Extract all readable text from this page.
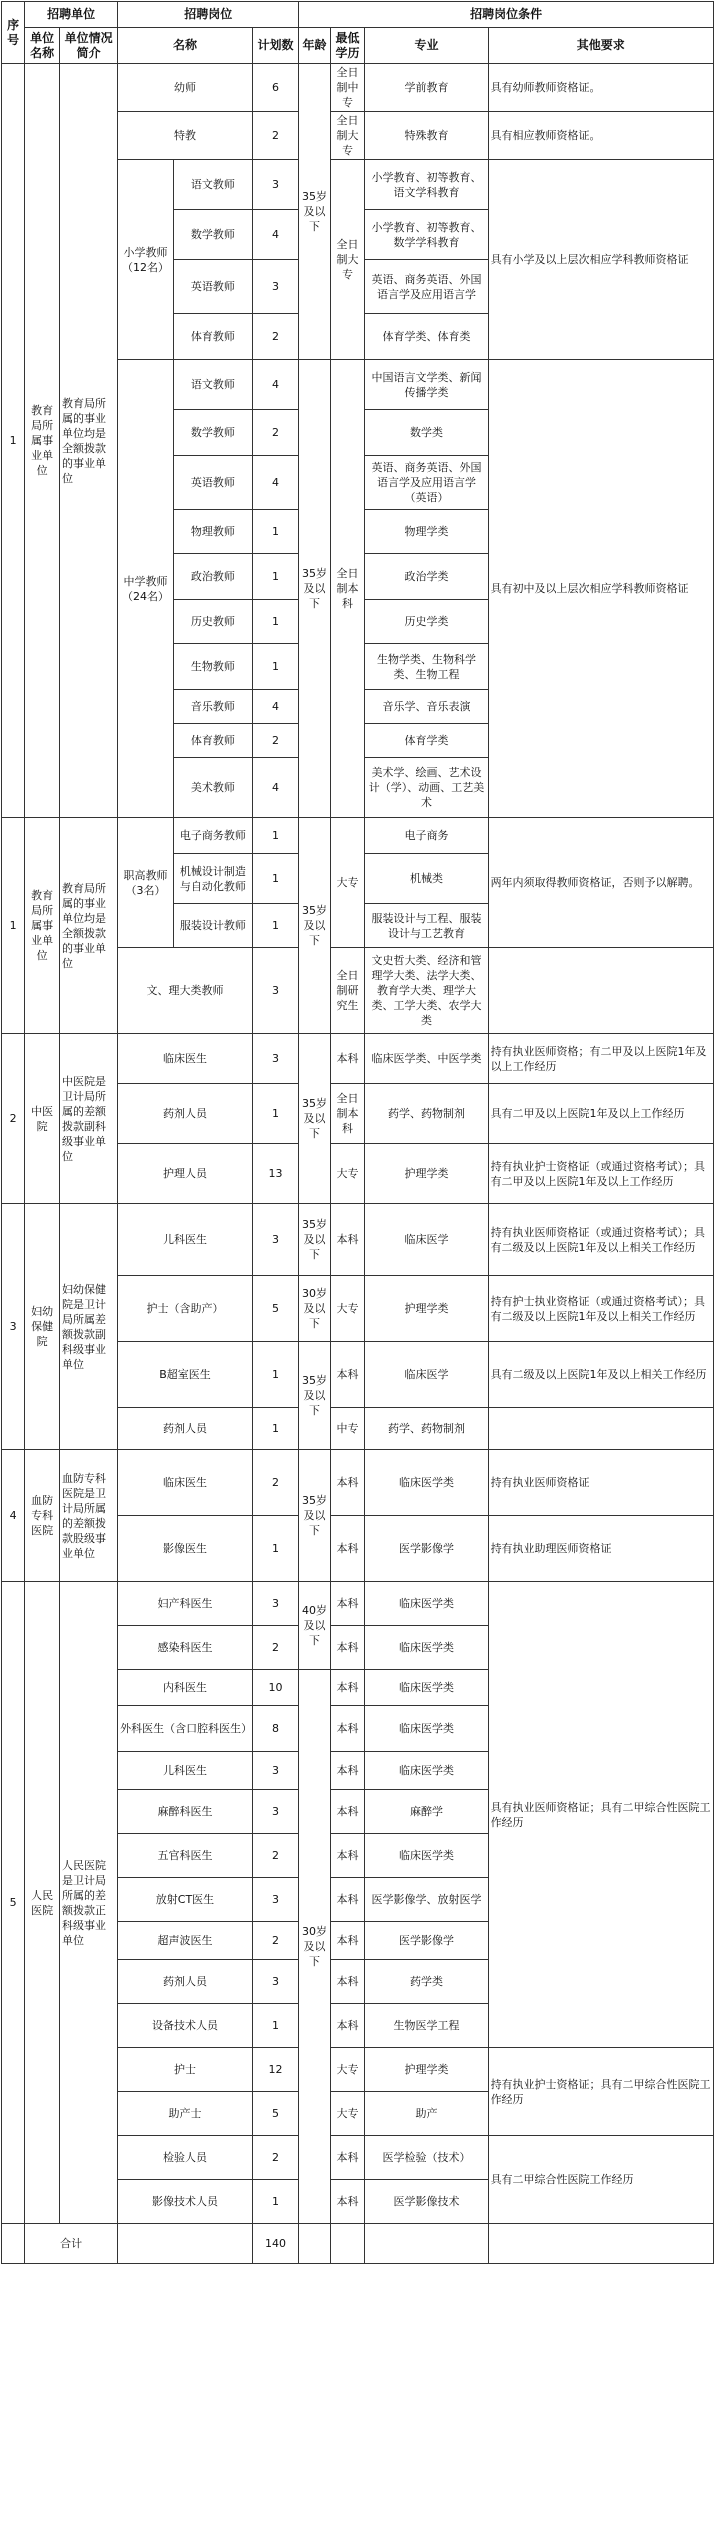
序号	招聘单位		招聘岗位			招聘岗位条件			
	单位名称	单位情况简介	名称		计划数	年龄	最低学历	专业	其他要求
1	教育局所属事业单位	教育局所属的事业单位均是全额拨款的事业单位	幼师		6	35岁及以下	全日制中专	学前教育	具有幼师教师资格证。
			特教		2		全日制大专	特殊教育	具有相应教师资格证。
			小学教师（12名）	语文教师	3		全日制大专	小学教育、初等教育、语文学科教育	具有小学及以上层次相应学科教师资格证
				数学教师	4			小学教育、初等教育、数学学科教育	
				英语教师	3			英语、商务英语、外国语言学及应用语言学	
				体育教师	2			体育学类、体育类	
			中学教师（24名）	语文教师	4	35岁及以下	全日制本科	中国语言文学类、新闻传播学类	具有初中及以上层次相应学科教师资格证
				数学教师	2			数学类	
				英语教师	4			英语、商务英语、外国语言学及应用语言学（英语）	
				物理教师	1			物理学类	
				政治教师	1			政治学类	
				历史教师	1			历史学类	
				生物教师	1			生物学类、生物科学类、生物工程	
				音乐教师	4			音乐学、音乐表演	
				体育教师	2			体育学类	
				美术教师	4			美术学、绘画、艺术设计（学）、动画、工艺美术	
1	教育局所属事业单位	教育局所属的事业单位均是全额拨款的事业单位	职高教师（3名）	电子商务教师	1	35岁及以下	大专	电子商务	两年内须取得教师资格证，否则予以解聘。
				机械设计制造与自动化教师	1			机械类	
				服装设计教师	1			服装设计与工程、服装设计与工艺教育	
			文、理大类教师		3		全日制研究生	文史哲大类、经济和管理学大类、法学大类、教育学大类、理学大类、工学大类、农学大类	
2	中医院	中医院是卫计局所属的差额拨款副科级事业单位	临床医生		3	35岁及以下	本科	临床医学类、中医学类	持有执业医师资格；有二甲及以上医院1年及以上工作经历
			药剂人员		1		全日制本科	药学、药物制剂	具有二甲及以上医院1年及以上工作经历
			护理人员		13		大专	护理学类	持有执业护士资格证（或通过资格考试）；具有二甲及以上医院1年及以上工作经历
3	妇幼保健院	妇幼保健院是卫计局所属差额拨款副科级事业单位	儿科医生		3	35岁及以下	本科	临床医学	持有执业医师资格证（或通过资格考试）；具有二级及以上医院1年及以上相关工作经历
			护士（含助产）		5	30岁及以下	大专	护理学类	持有护士执业资格证（或通过资格考试）；具有二级及以上医院1年及以上相关工作经历
			B超室医生		1	35岁及以下	本科	临床医学	具有二级及以上医院1年及以上相关工作经历
			药剂人员		1		中专	药学、药物制剂	
4	血防专科医院	血防专科医院是卫计局所属的差额拨款股级事业单位	临床医生		2	35岁及以下	本科	临床医学类	持有执业医师资格证
			影像医生		1		本科	医学影像学	持有执业助理医师资格证
5	人民医院	人民医院是卫计局所属的差额拨款正科级事业单位	妇产科医生		3	40岁及以下	本科	临床医学类	具有执业医师资格证；具有二甲综合性医院工作经历
			感染科医生		2		本科	临床医学类	
			内科医生		10	30岁及以下	本科	临床医学类	
			外科医生（含口腔科医生）		8		本科	临床医学类	
			儿科医生		3		本科	临床医学类	
			麻醉科医生		3		本科	麻醉学	
			五官科医生		2		本科	临床医学类	
			放射CT医生		3		本科	医学影像学、放射医学	
			超声波医生		2		本科	医学影像学	
			药剂人员		3		本科	药学类	
			设备技术人员		1		本科	生物医学工程	
			护士		12		大专	护理学类	持有执业护士资格证；具有二甲综合性医院工作经历
			助产士		5		大专	助产	
			检验人员		2		本科	医学检验（技术）	具有二甲综合性医院工作经历
			影像技术人员		1		本科	医学影像技术	
	合计				140				
